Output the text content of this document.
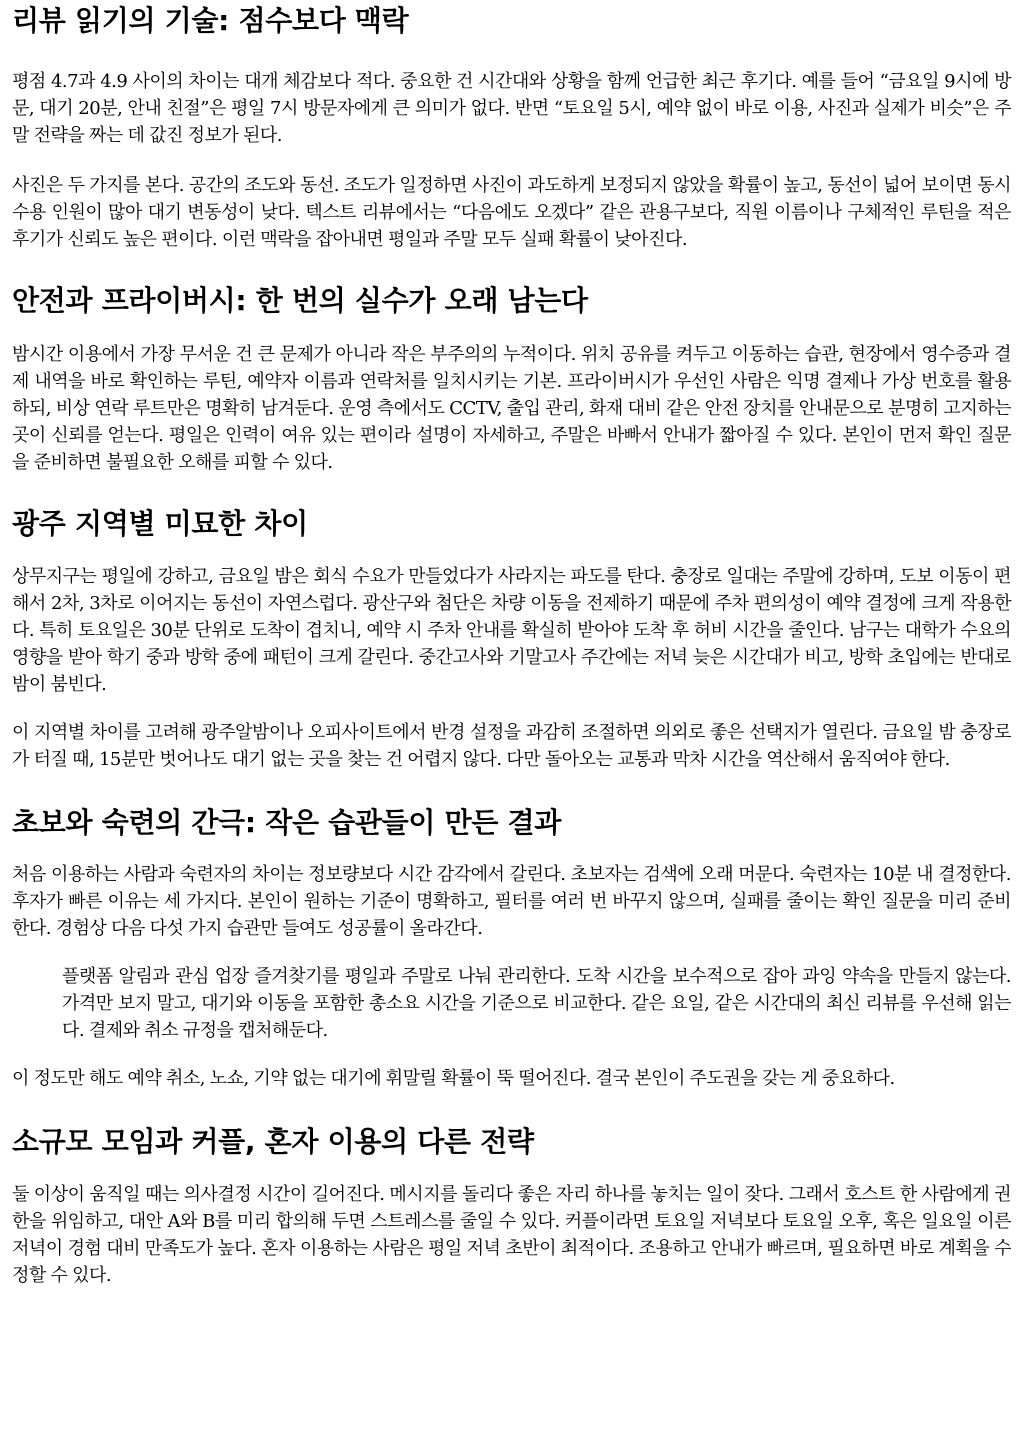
리뷰 읽기의 기술: 점수보다 맥락

평점 4.7과 4.9 사이의 차이는 대개 체감보다 적다. 중요한 건 시간대와 상황을 함께 언급한 최근 후기다. 예를 들어 “금요일 9시에 방문, 대기 20분, 안내 친절”은 평일 7시 방문자에게 큰 의미가 없다. 반면 “토요일 5시, 예약 없이 바로 이용, 사진과 실제가 비슷”은 주말 전략을 짜는 데 값진 정보가 된다.

사진은 두 가지를 본다. 공간의 조도와 동선. 조도가 일정하면 사진이 과도하게 보정되지 않았을 확률이 높고, 동선이 넓어 보이면 동시 수용 인원이 많아 대기 변동성이 낮다. 텍스트 리뷰에서는 “다음에도 오겠다” 같은 관용구보다, 직원 이름이나 구체적인 루틴을 적은 후기가 신뢰도 높은 편이다. 이런 맥락을 잡아내면 평일과 주말 모두 실패 확률이 낮아진다.

안전과 프라이버시: 한 번의 실수가 오래 남는다

밤시간 이용에서 가장 무서운 건 큰 문제가 아니라 작은 부주의의 누적이다. 위치 공유를 켜두고 이동하는 습관, 현장에서 영수증과 결제 내역을 바로 확인하는 루틴, 예약자 이름과 연락처를 일치시키는 기본. 프라이버시가 우선인 사람은 익명 결제나 가상 번호를 활용하되, 비상 연락 루트만은 명확히 남겨둔다. 운영 측에서도 CCTV, 출입 관리, 화재 대비 같은 안전 장치를 안내문으로 분명히 고지하는 곳이 신뢰를 얻는다. 평일은 인력이 여유 있는 편이라 설명이 자세하고, 주말은 바빠서 안내가 짧아질 수 있다. 본인이 먼저 확인 질문을 준비하면 불필요한 오해를 피할 수 있다.

광주 지역별 미묘한 차이

상무지구는 평일에 강하고, 금요일 밤은 회식 수요가 만들었다가 사라지는 파도를 탄다. 충장로 일대는 주말에 강하며, 도보 이동이 편해서 2차, 3차로 이어지는 동선이 자연스럽다. 광산구와 첨단은 차량 이동을 전제하기 때문에 주차 편의성이 예약 결정에 크게 작용한다. 특히 토요일은 30분 단위로 도착이 겹치니, 예약 시 주차 안내를 확실히 받아야 도착 후 허비 시간을 줄인다. 남구는 대학가 수요의 영향을 받아 학기 중과 방학 중에 패턴이 크게 갈린다. 중간고사와 기말고사 주간에는 저녁 늦은 시간대가 비고, 방학 초입에는 반대로 밤이 붐빈다.

이 지역별 차이를 고려해 광주알밤이나 오피사이트에서 반경 설정을 과감히 조절하면 의외로 좋은 선택지가 열린다. 금요일 밤 충장로가 터질 때, 15분만 벗어나도 대기 없는 곳을 찾는 건 어렵지 않다. 다만 돌아오는 교통과 막차 시간을 역산해서 움직여야 한다.

초보와 숙련의 간극: 작은 습관들이 만든 결과

처음 이용하는 사람과 숙련자의 차이는 정보량보다 시간 감각에서 갈린다. 초보자는 검색에 오래 머문다. 숙련자는 10분 내 결정한다. 후자가 빠른 이유는 세 가지다. 본인이 원하는 기준이 명확하고, 필터를 여러 번 바꾸지 않으며, 실패를 줄이는 확인 질문을 미리 준비한다. 경험상 다음 다섯 가지 습관만 들여도 성공률이 올라간다.

플랫폼 알림과 관심 업장 즐겨찾기를 평일과 주말로 나눠 관리한다. 도착 시간을 보수적으로 잡아 과잉 약속을 만들지 않는다. 가격만 보지 말고, 대기와 이동을 포함한 총소요 시간을 기준으로 비교한다. 같은 요일, 같은 시간대의 최신 리뷰를 우선해 읽는다. 결제와 취소 규정을 캡처해둔다.

이 정도만 해도 예약 취소, 노쇼, 기약 없는 대기에 휘말릴 확률이 뚝 떨어진다. 결국 본인이 주도권을 갖는 게 중요하다.

소규모 모임과 커플, 혼자 이용의 다른 전략

둘 이상이 움직일 때는 의사결정 시간이 길어진다. 메시지를 돌리다 좋은 자리 하나를 놓치는 일이 잦다. 그래서 호스트 한 사람에게 권한을 위임하고, 대안 A와 B를 미리 합의해 두면 스트레스를 줄일 수 있다. 커플이라면 토요일 저녁보다 토요일 오후, 혹은 일요일 이른 저녁이 경험 대비 만족도가 높다. 혼자 이용하는 사람은 평일 저녁 초반이 최적이다. 조용하고 안내가 빠르며, 필요하면 바로 계획을 수정할 수 있다.
